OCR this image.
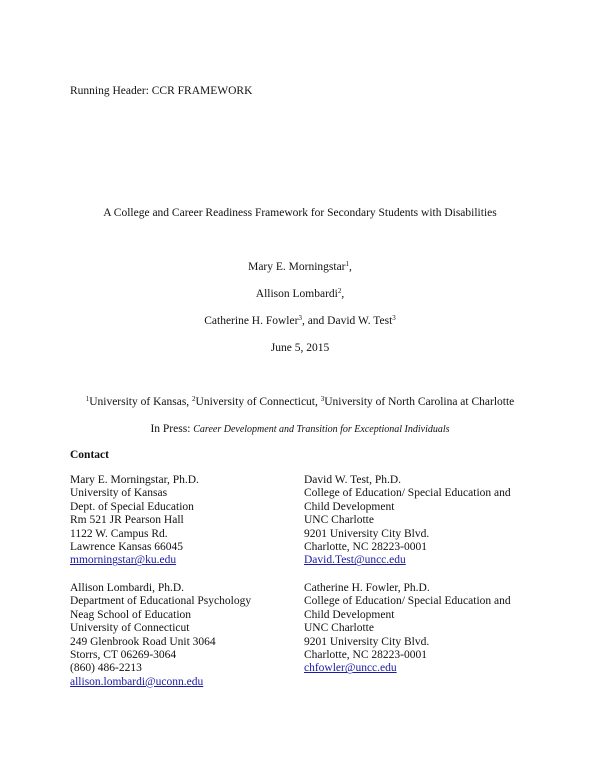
Running Header: CCR FRAMEWORK
A College and Career Readiness Framework for Secondary Students with Disabilities
Mary E. Morningstar$^1$,
Allison Lombardi$^2$,
Catherine H. Fowler$^3$, and David W. Test$^3$
June 5, 2015
$^1$University of Kansas, $^2$University of Connecticut, $^3$University of North Carolina at Charlotte
In Press: Career Development and Transition for Exceptional Individuals
Contact
Mary E. Morningstar, Ph.D.
University of Kansas
Dept. of Special Education
Rm 521 JR Pearson Hall
1122 W. Campus Rd.
Lawrence Kansas 66045
mmorningstar@ku.edu
David W. Test, Ph.D.
College of Education/ Special Education and
Child Development
UNC Charlotte
9201 University City Blvd.
Charlotte, NC 28223-0001
David.Test@uncc.edu
Allison Lombardi, Ph.D.
Department of Educational Psychology
Neag School of Education
University of Connecticut
249 Glenbrook Road Unit 3064
Storrs, CT 06269-3064
(860) 486-2213
allison.lombardi@uconn.edu
Catherine H. Fowler, Ph.D.
College of Education/ Special Education and
Child Development
UNC Charlotte
9201 University City Blvd.
Charlotte, NC 28223-0001
chfowler@uncc.edu
